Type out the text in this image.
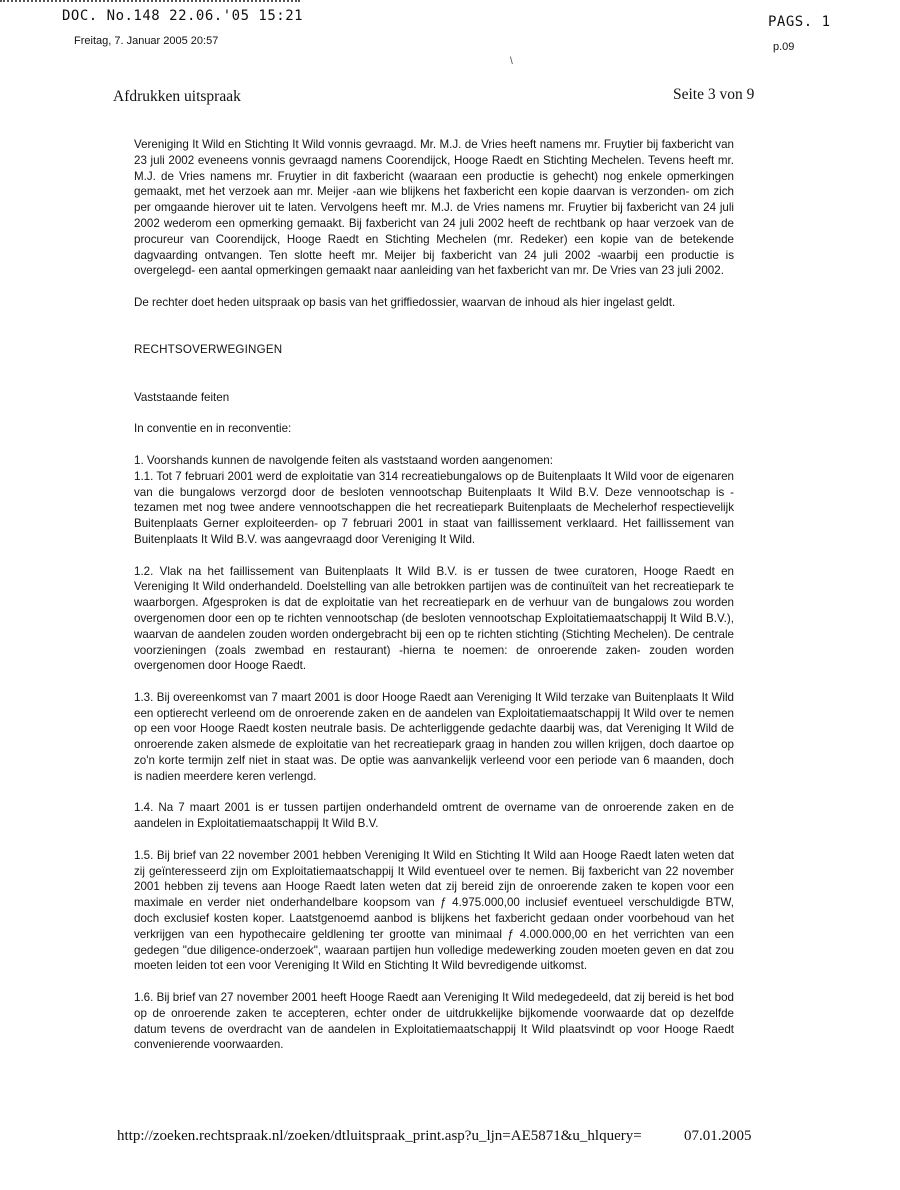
DOC. No.148 22.06.'05 15:21	PAGS. 1
Freitag, 7. Januar 2005 20:57	p.09
\
Afdrukken uitspraak	Seite 3 von 9

Vereniging It Wild en Stichting It Wild vonnis gevraagd. Mr. M.J. de Vries heeft namens mr. Fruytier bij faxbericht van 23 juli 2002 eveneens vonnis gevraagd namens Coorendijck, Hooge Raedt en Stichting Mechelen. Tevens heeft mr. M.J. de Vries namens mr. Fruytier in dit faxbericht (waaraan een productie is gehecht) nog enkele opmerkingen gemaakt, met het verzoek aan mr. Meijer -aan wie blijkens het faxbericht een kopie daarvan is verzonden- om zich per omgaande hierover uit te laten. Vervolgens heeft mr. M.J. de Vries namens mr. Fruytier bij faxbericht van 24 juli 2002 wederom een opmerking gemaakt. Bij faxbericht van 24 juli 2002 heeft de rechtbank op haar verzoek van de procureur van Coorendijck, Hooge Raedt en Stichting Mechelen (mr. Redeker) een kopie van de betekende dagvaarding ontvangen. Ten slotte heeft mr. Meijer bij faxbericht van 24 juli 2002 -waarbij een productie is overgelegd- een aantal opmerkingen gemaakt naar aanleiding van het faxbericht van mr. De Vries van 23 juli 2002.

De rechter doet heden uitspraak op basis van het griffiedossier, waarvan de inhoud als hier ingelast geldt.

RECHTSOVERWEGINGEN

Vaststaande feiten

In conventie en in reconventie:

1. Voorshands kunnen de navolgende feiten als vaststaand worden aangenomen:

1.1. Tot 7 februari 2001 werd de exploitatie van 314 recreatiebungalows op de Buitenplaats It Wild voor de eigenaren van die bungalows verzorgd door de besloten vennootschap Buitenplaats It Wild B.V. Deze vennootschap is -tezamen met nog twee andere vennootschappen die het recreatiepark Buitenplaats de Mechelerhof respectievelijk Buitenplaats Gerner exploiteerden- op 7 februari 2001 in staat van faillissement verklaard. Het faillissement van Buitenplaats It Wild B.V. was aangevraagd door Vereniging It Wild.

1.2. Vlak na het faillissement van Buitenplaats It Wild B.V. is er tussen de twee curatoren, Hooge Raedt en Vereniging It Wild onderhandeld. Doelstelling van alle betrokken partijen was de continuïteit van het recreatiepark te waarborgen. Afgesproken is dat de exploitatie van het recreatiepark en de verhuur van de bungalows zou worden overgenomen door een op te richten vennootschap (de besloten vennootschap Exploitatiemaatschappij It Wild B.V.), waarvan de aandelen zouden worden ondergebracht bij een op te richten stichting (Stichting Mechelen). De centrale voorzieningen (zoals zwembad en restaurant) -hierna te noemen: de onroerende zaken- zouden worden overgenomen door Hooge Raedt.

1.3. Bij overeenkomst van 7 maart 2001 is door Hooge Raedt aan Vereniging It Wild terzake van Buitenplaats It Wild een optierecht verleend om de onroerende zaken en de aandelen van Exploitatiemaatschappij It Wild over te nemen op een voor Hooge Raedt kosten neutrale basis. De achterliggende gedachte daarbij was, dat Vereniging It Wild de onroerende zaken alsmede de exploitatie van het recreatiepark graag in handen zou willen krijgen, doch daartoe op zo'n korte termijn zelf niet in staat was. De optie was aanvankelijk verleend voor een periode van 6 maanden, doch is nadien meerdere keren verlengd.

1.4. Na 7 maart 2001 is er tussen partijen onderhandeld omtrent de overname van de onroerende zaken en de aandelen in Exploitatiemaatschappij It Wild B.V.

1.5. Bij brief van 22 november 2001 hebben Vereniging It Wild en Stichting It Wild aan Hooge Raedt laten weten dat zij geïnteresseerd zijn om Exploitatiemaatschappij It Wild eventueel over te nemen. Bij faxbericht van 22 november 2001 hebben zij tevens aan Hooge Raedt laten weten dat zij bereid zijn de onroerende zaken te kopen voor een maximale en verder niet onderhandelbare koopsom van ƒ 4.975.000,00 inclusief eventueel verschuldigde BTW, doch exclusief kosten koper. Laatstgenoemd aanbod is blijkens het faxbericht gedaan onder voorbehoud van het verkrijgen van een hypothecaire geldlening ter grootte van minimaal ƒ 4.000.000,00 en het verrichten van een gedegen "due diligence-onderzoek", waaraan partijen hun volledige medewerking zouden moeten geven en dat zou moeten leiden tot een voor Vereniging It Wild en Stichting It Wild bevredigende uitkomst.

1.6. Bij brief van 27 november 2001 heeft Hooge Raedt aan Vereniging It Wild medegedeeld, dat zij bereid is het bod op de onroerende zaken te accepteren, echter onder de uitdrukkelijke bijkomende voorwaarde dat op dezelfde datum tevens de overdracht van de aandelen in Exploitatiemaatschappij It Wild plaatsvindt op voor Hooge Raedt convenierende voorwaarden.

http://zoeken.rechtspraak.nl/zoeken/dtluitspraak_print.asp?u_ljn=AE5871&u_hlquery=	07.01.2005
